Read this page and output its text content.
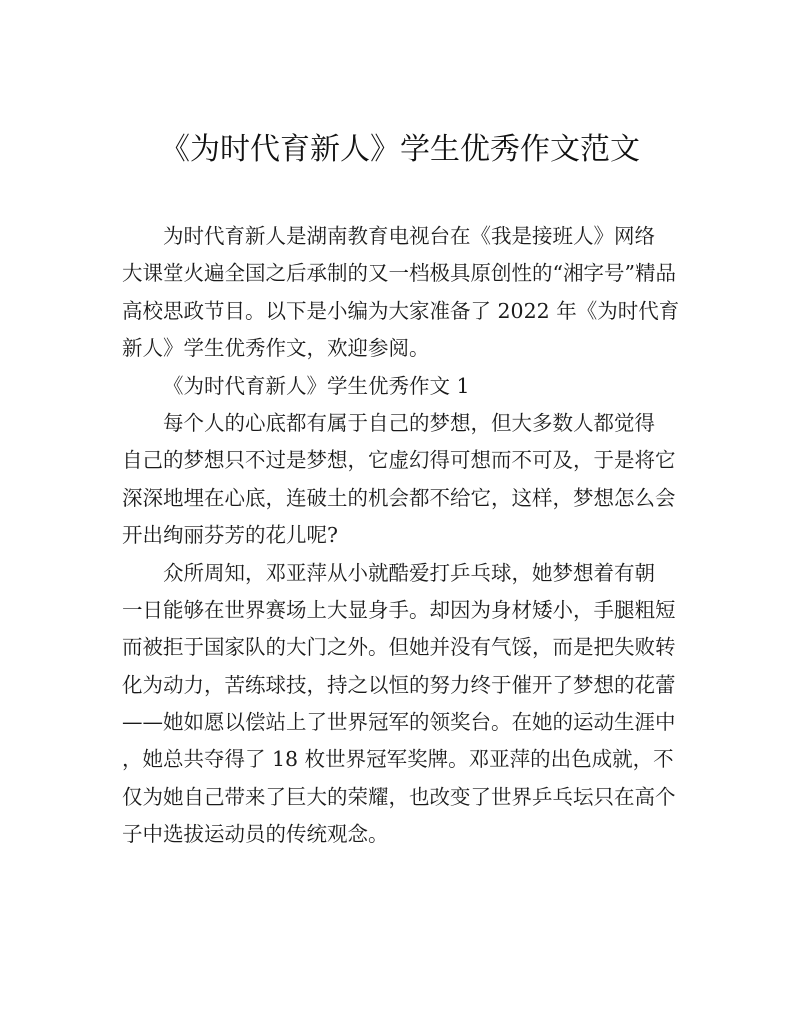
《为时代育新人》学生优秀作文范文
为时代育新人是湖南教育电视台在《我是接班人》网络
大课堂火遍全国之后承制的又一档极具原创性的“湘字号”精品
高校思政节目。以下是小编为大家准备了 2022 年《为时代育
新人》学生优秀作文，欢迎参阅。
《为时代育新人》学生优秀作文 1
每个人的心底都有属于自己的梦想，但大多数人都觉得
自己的梦想只不过是梦想，它虚幻得可想而不可及，于是将它
深深地埋在心底，连破土的机会都不给它，这样，梦想怎么会
开出绚丽芬芳的花儿呢?
众所周知，邓亚萍从小就酷爱打乒乓球，她梦想着有朝
一日能够在世界赛场上大显身手。却因为身材矮小，手腿粗短
而被拒于国家队的大门之外。但她并没有气馁，而是把失败转
化为动力，苦练球技，持之以恒的努力终于催开了梦想的花蕾
——她如愿以偿站上了世界冠军的领奖台。在她的运动生涯中
，她总共夺得了 18 枚世界冠军奖牌。邓亚萍的出色成就，不
仅为她自己带来了巨大的荣耀，也改变了世界乒乓坛只在高个
子中选拔运动员的传统观念。
